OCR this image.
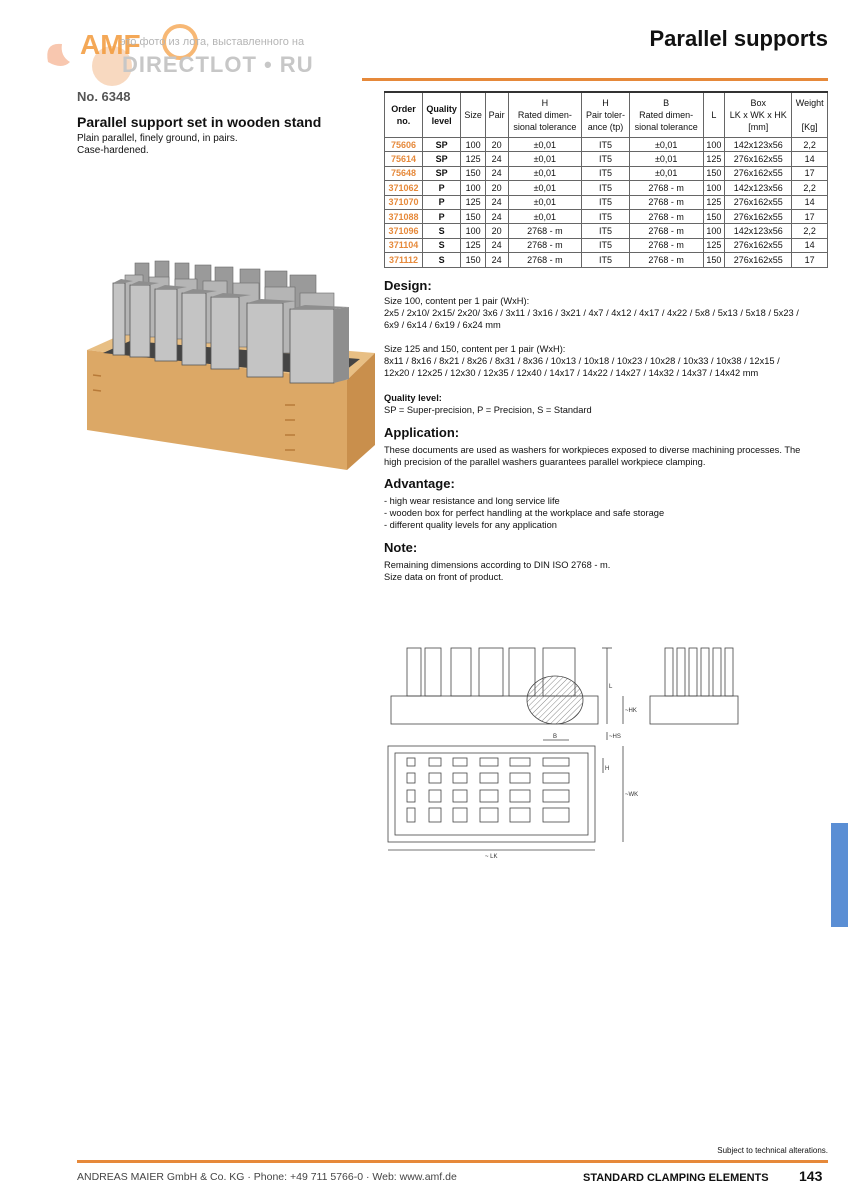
AMF
это фото из лота, выставленного на
DIRECTLOT • RU
Parallel supports
No. 6348
Parallel support set in wooden stand
Plain parallel, finely ground, in pairs.
Case-hardened.
Order
no.	Quality
level	Size	Pair	H
Rated dimen-
sional tolerance	H
Pair toler-
ance (tp)	B
Rated dimen-
sional tolerance	L	Box
LK x WK x HK
[mm]	Weight

[Kg]
75606	SP	100	20	±0,01	IT5	±0,01	100	142x123x56	2,2
75614	SP	125	24	±0,01	IT5	±0,01	125	276x162x55	14
75648	SP	150	24	±0,01	IT5	±0,01	150	276x162x55	17
371062	P	100	20	±0,01	IT5	2768 - m	100	142x123x56	2,2
371070	P	125	24	±0,01	IT5	2768 - m	125	276x162x55	14
371088	P	150	24	±0,01	IT5	2768 - m	150	276x162x55	17
371096	S	100	20	2768 - m	IT5	2768 - m	100	142x123x56	2,2
371104	S	125	24	2768 - m	IT5	2768 - m	125	276x162x55	14
371112	S	150	24	2768 - m	IT5	2768 - m	150	276x162x55	17
Design:
Size 100, content per 1 pair (WxH):
2x5 / 2x10/ 2x15/ 2x20/ 3x6 / 3x11 / 3x16 / 3x21 / 4x7 / 4x12 / 4x17 / 4x22 / 5x8 / 5x13 / 5x18 / 5x23 /
6x9 / 6x14 / 6x19 / 6x24 mm
Size 125 and 150, content per 1 pair (WxH):
8x11 / 8x16 / 8x21 / 8x26 / 8x31 / 8x36 / 10x13 / 10x18 / 10x23 / 10x28 / 10x33 / 10x38 / 12x15 /
12x20 / 12x25 / 12x30 / 12x35 / 12x40 / 14x17 / 14x22 / 14x27 / 14x32 / 14x37 / 14x42 mm
Quality level:
SP = Super-precision, P = Precision, S = Standard
Application:
These documents are used as washers for workpieces exposed to diverse machining processes. The
high precision of the parallel washers guarantees parallel workpiece clamping.
Advantage:
- high wear resistance and long service life
- wooden box for perfect handling at the workplace and safe storage
- different quality levels for any application
Note:
Remaining dimensions according to DIN ISO 2768 - m.
Size data on front of product.
L
~HK
~HS
B
H
~WK
~ LK
Subject to technical alterations.
ANDREAS MAIER GmbH & Co. KG · Phone: +49 711 5766-0 · Web: www.amf.de	STANDARD CLAMPING ELEMENTS 143
